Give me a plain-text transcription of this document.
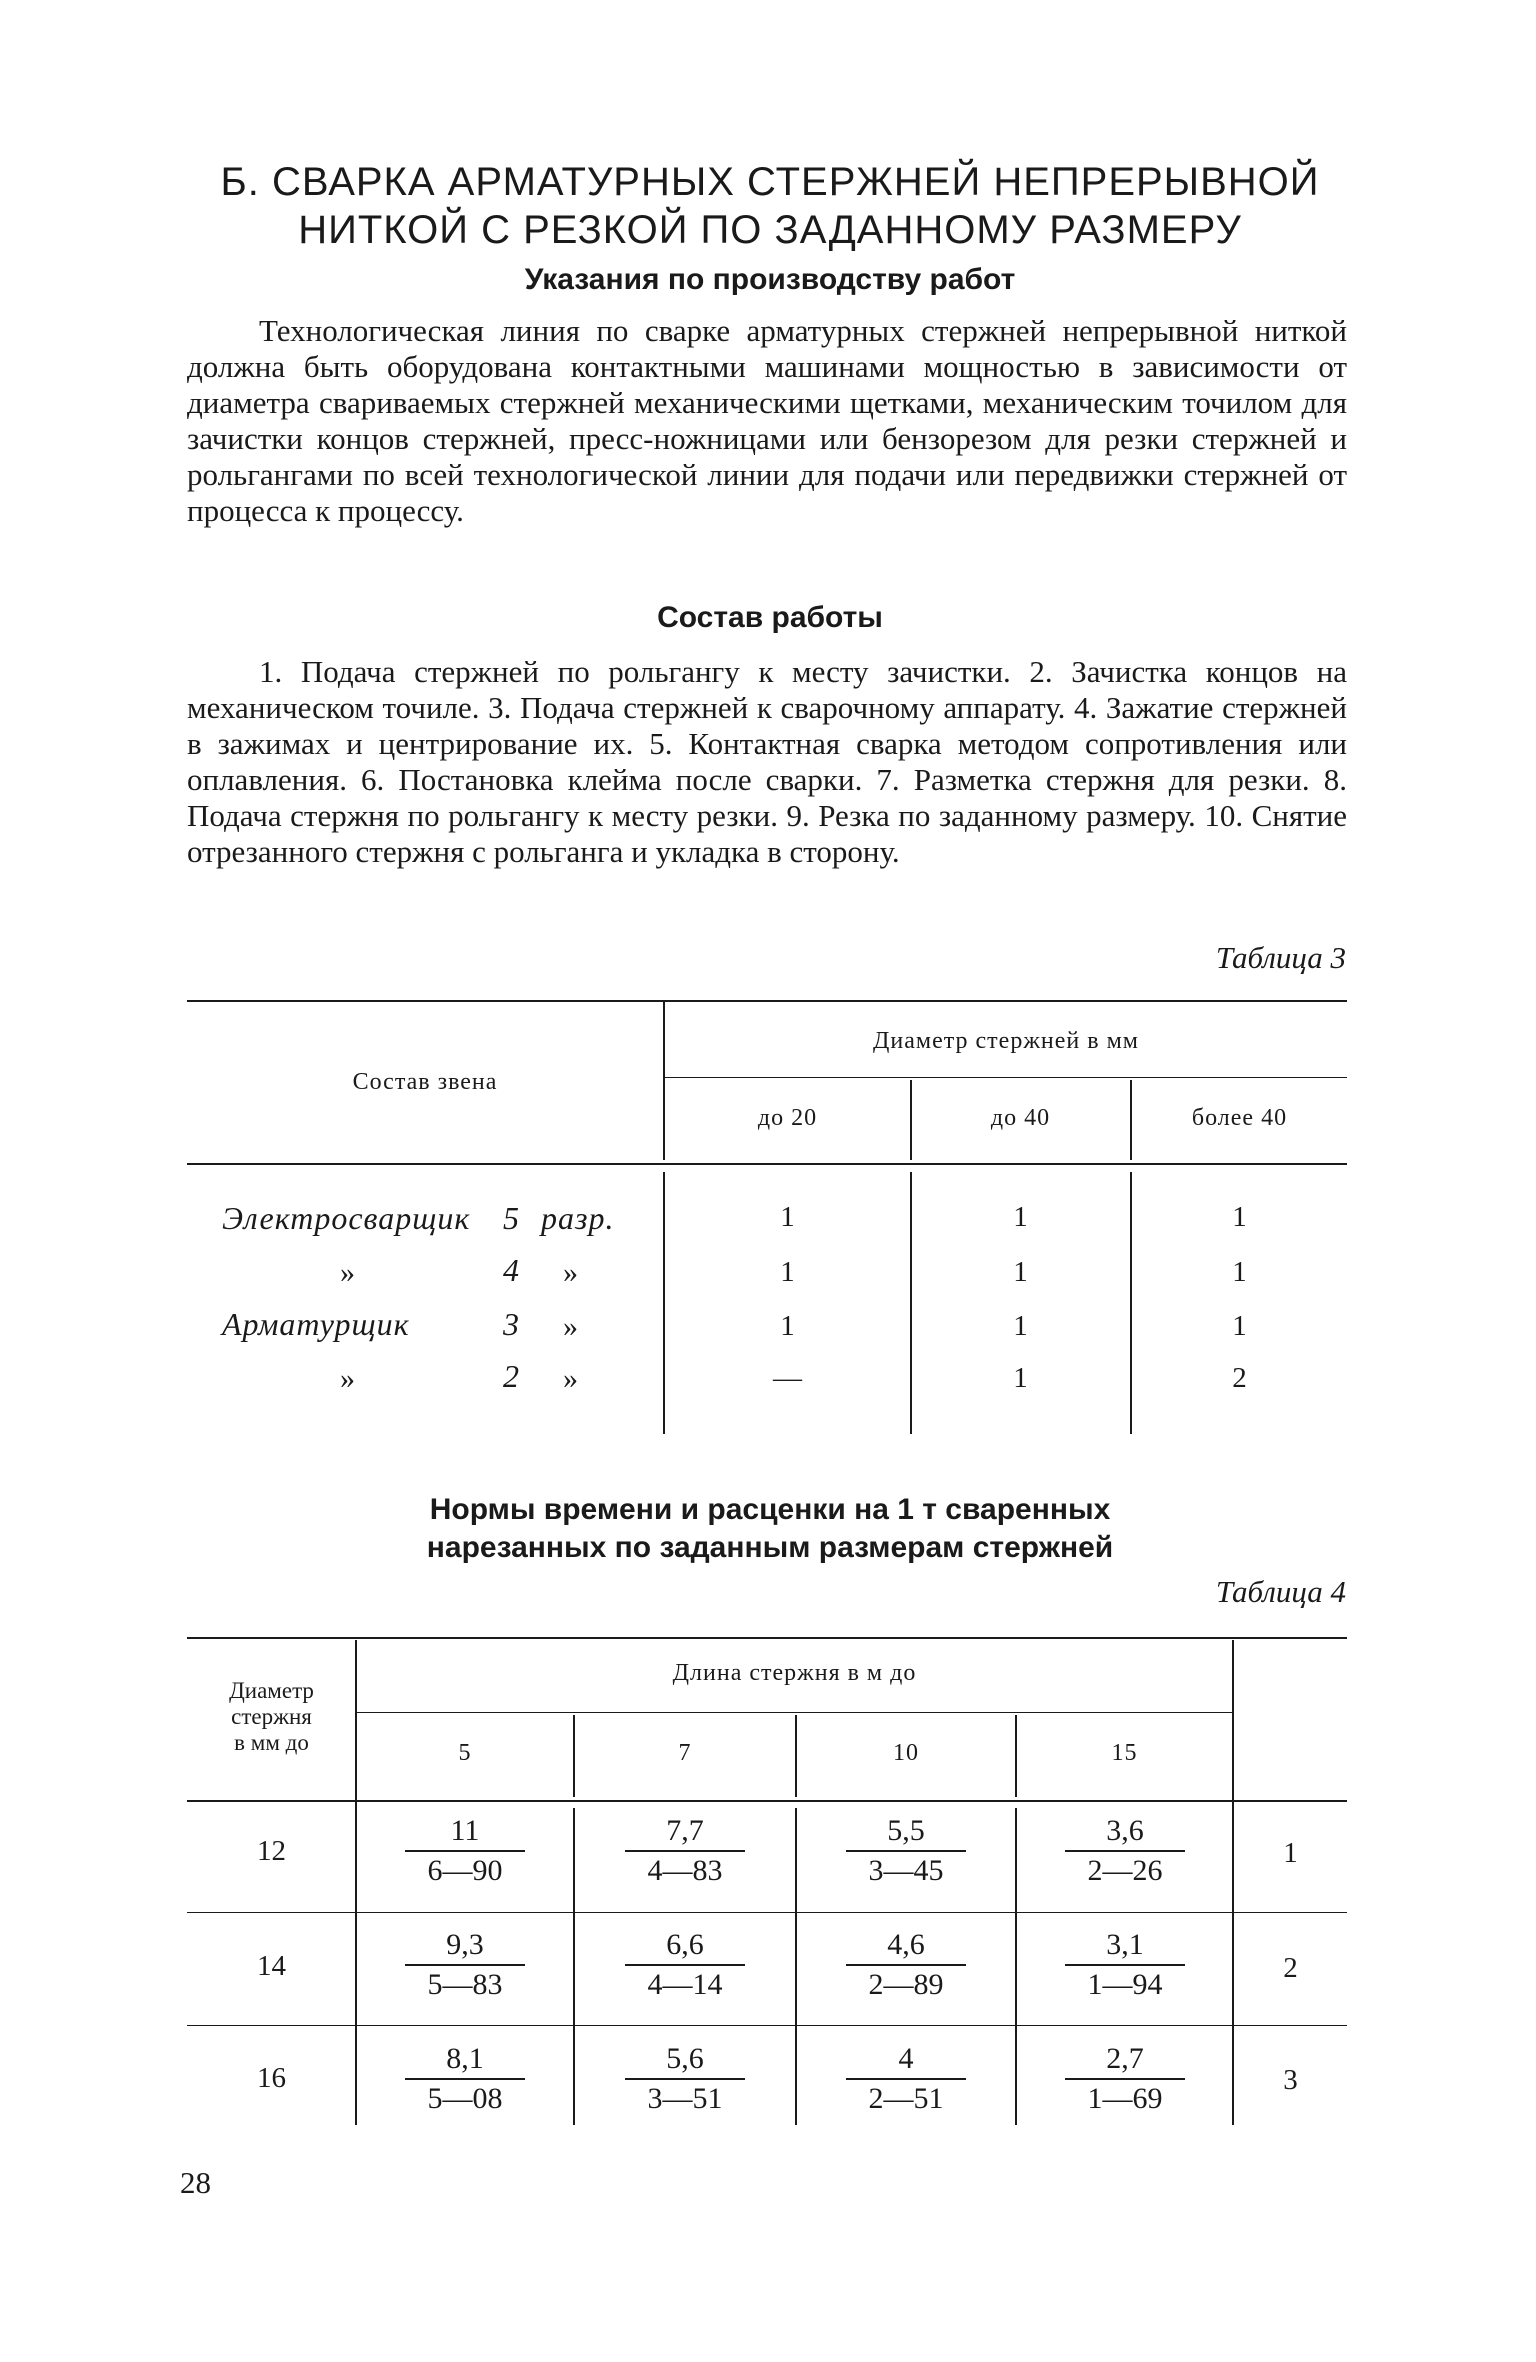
Б. СВАРКА АРМАТУРНЫХ СТЕРЖНЕЙ НЕПРЕРЫВНОЙ
НИТКОЙ С РЕЗКОЙ ПО ЗАДАННОМУ РАЗМЕРУ
Указания по производству работ

Технологическая линия по сварке арматурных стержней непрерывной ниткой должна быть оборудована контактными машинами мощностью в зависимости от диаметра свариваемых стержней механическими щетками, механическим точилом для зачистки концов стержней, пресс-ножницами или бензорезом для резки стержней и рольгангами по всей технологической линии для подачи или передвижки стержней от процесса к процессу.

Состав работы

1. Подача стержней по рольгангу к месту зачистки. 2. Зачистка концов на механическом точиле. 3. Подача стержней к сварочному аппарату. 4. Зажатие стержней в зажимах и центрирование их. 5. Контактная сварка методом сопротивления или оплавления. 6. Постановка клейма после сварки. 7. Разметка стержня для резки. 8. Подача стержня по рольгангу к месту резки. 9. Резка по заданному размеру. 10. Снятие отрезанного стержня с рольганга и укладка в сторону.

Таблица 3
Состав звена
Диаметр стержней в мм
до 20	до 40	более 40
Электросварщик 5 разр.	1	1	1
»	4 »	1	1	1
Арматурщик	3 »	1	1	1
»	2 »	—	1	2
Нормы времени и расценки на 1 т сваренных
нарезанных по заданным размерам стержней
Таблица 4
Диаметр
стержня
в мм до
Длина стержня в м до
5	7	10	15
12	$\frac{11}{6—90}$	$\frac{7,7}{4—83}$	$\frac{5,5}{3—45}$	$\frac{3,6}{2—26}$	1
14	$\frac{9,3}{5—83}$	$\frac{6,6}{4—14}$	$\frac{4,6}{2—89}$	$\frac{3,1}{1—94}$	2
16	$\frac{8,1}{5—08}$	$\frac{5,6}{3—51}$	$\frac{4}{2—51}$	$\frac{2,7}{1—69}$	3
28
